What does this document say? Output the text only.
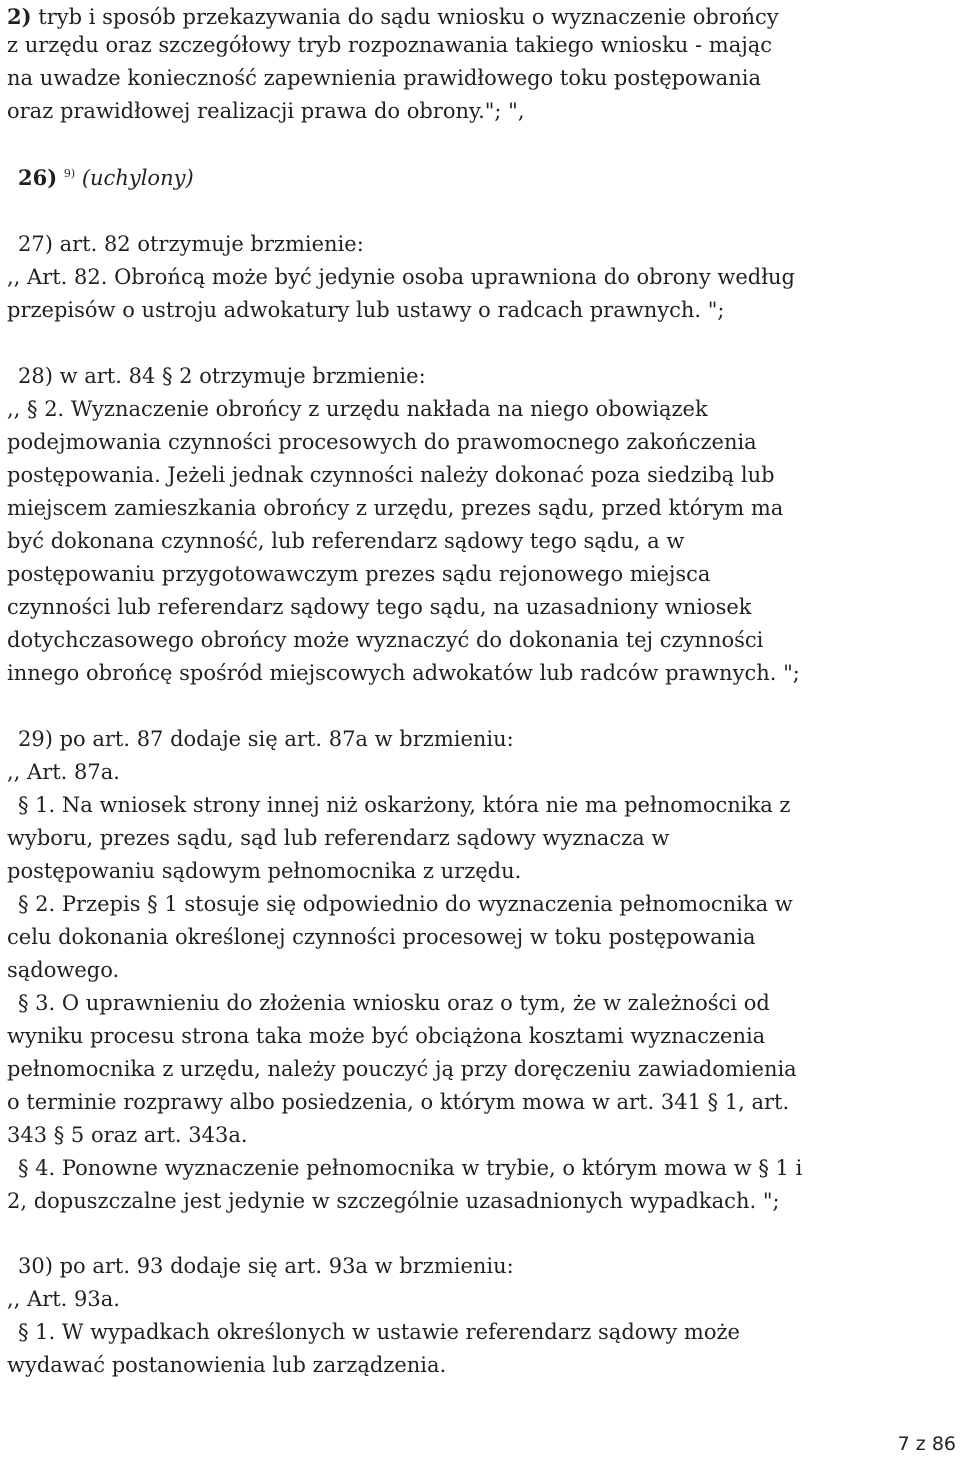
2) tryb i sposób przekazywania do sądu wniosku o wyznaczenie obrońcy
z urzędu oraz szczegółowy tryb rozpoznawania takiego wniosku - mając
na uwadze konieczność zapewnienia prawidłowego toku postępowania
oraz prawidłowej realizacji prawa do obrony."; ",
26) $^{9)}$ (uchylony)
27) art. 82 otrzymuje brzmienie:
,, Art. 82. Obrońcą może być jedynie osoba uprawniona do obrony według
przepisów o ustroju adwokatury lub ustawy o radcach prawnych. ";
28) w art. 84 § 2 otrzymuje brzmienie:
,, § 2. Wyznaczenie obrońcy z urzędu nakłada na niego obowiązek
podejmowania czynności procesowych do prawomocnego zakończenia
postępowania. Jeżeli jednak czynności należy dokonać poza siedzibą lub
miejscem zamieszkania obrońcy z urzędu, prezes sądu, przed którym ma
być dokonana czynność, lub referendarz sądowy tego sądu, a w
postępowaniu przygotowawczym prezes sądu rejonowego miejsca
czynności lub referendarz sądowy tego sądu, na uzasadniony wniosek
dotychczasowego obrońcy może wyznaczyć do dokonania tej czynności
innego obrońcę spośród miejscowych adwokatów lub radców prawnych. ";
29) po art. 87 dodaje się art. 87a w brzmieniu:
,, Art. 87a.
§ 1. Na wniosek strony innej niż oskarżony, która nie ma pełnomocnika z
wyboru, prezes sądu, sąd lub referendarz sądowy wyznacza w
postępowaniu sądowym pełnomocnika z urzędu.
§ 2. Przepis § 1 stosuje się odpowiednio do wyznaczenia pełnomocnika w
celu dokonania określonej czynności procesowej w toku postępowania
sądowego.
§ 3. O uprawnieniu do złożenia wniosku oraz o tym, że w zależności od
wyniku procesu strona taka może być obciążona kosztami wyznaczenia
pełnomocnika z urzędu, należy pouczyć ją przy doręczeniu zawiadomienia
o terminie rozprawy albo posiedzenia, o którym mowa w art. 341 § 1, art.
343 § 5 oraz art. 343a.
§ 4. Ponowne wyznaczenie pełnomocnika w trybie, o którym mowa w § 1 i
2, dopuszczalne jest jedynie w szczególnie uzasadnionych wypadkach. ";
30) po art. 93 dodaje się art. 93a w brzmieniu:
,, Art. 93a.
§ 1. W wypadkach określonych w ustawie referendarz sądowy może
wydawać postanowienia lub zarządzenia.
7 z 86
